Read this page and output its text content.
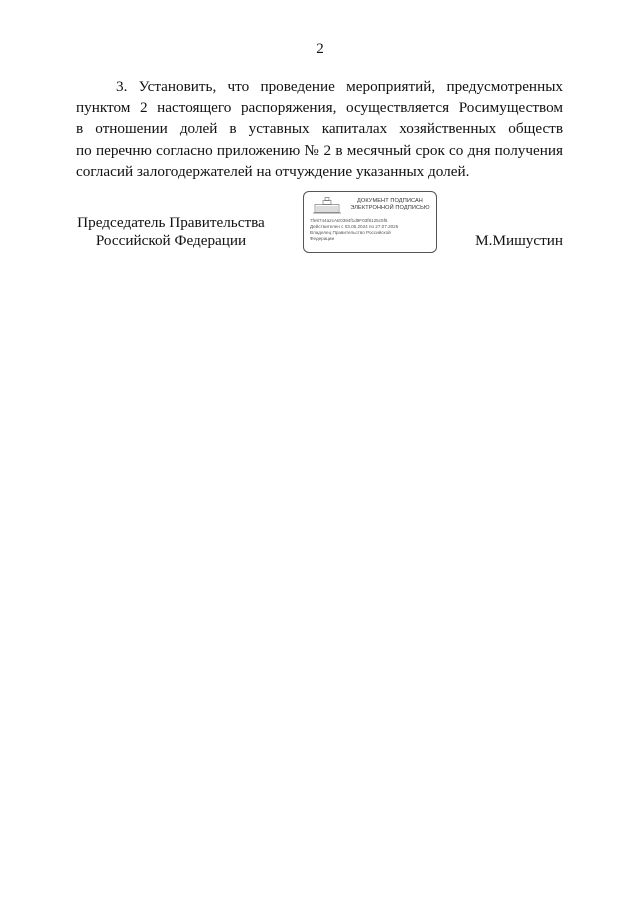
2

3. Установить, что проведение мероприятий, предусмотренных
пунктом 2 настоящего распоряжения, осуществляется Росимуществом
в отношении долей в уставных капиталах хозяйственных обществ
по перечню согласно приложению № 2 в месячный срок со дня получения
согласий залогодержателей на отчуждение указанных долей.

Председатель Правительства
Российской Федерации
ДОКУМЕНТ ПОДПИСАН
ЭЛЕКТРОННОЙ ПОДПИСЬЮ
7fe9744a2cAE0394f1d9F03f8125c5f6
Действителен с 03.05.2024 по 27.07.2025
Владелец Правительство Российской
Федерации	М.Мишустин
